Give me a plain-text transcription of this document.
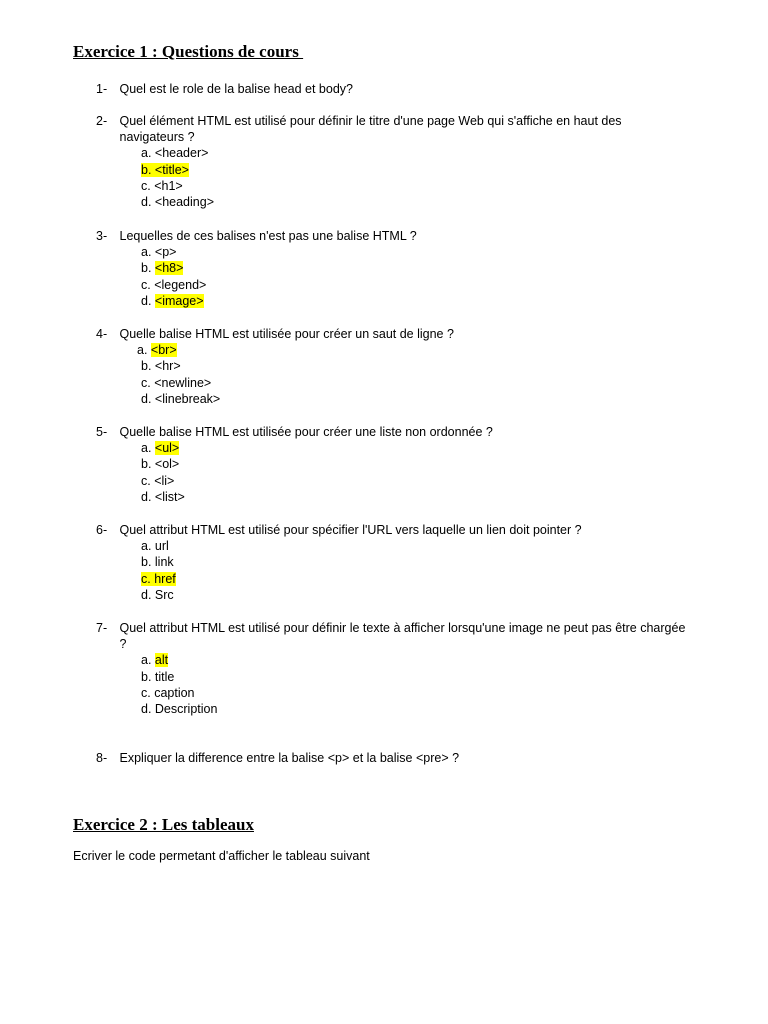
Exercice 1 : Questions de cours
1- Quel est le role de la balise head et body?
2- Quel élément HTML est utilisé pour définir le titre d'une page Web qui s'affiche en haut des navigateurs ?
a. <header>
b. <title>
c. <h1>
d. <heading>
3- Lequelles de ces balises n'est pas une balise HTML ?
a. <p>
b. <h8>
c. <legend>
d. <image>
4- Quelle balise HTML est utilisée pour créer un saut de ligne ?
a. <br>
b. <hr>
c. <newline>
d. <linebreak>
5- Quelle balise HTML est utilisée pour créer une liste non ordonnée ?
a. <ul>
b. <ol>
c. <li>
d. <list>
6- Quel attribut HTML est utilisé pour spécifier l'URL vers laquelle un lien doit pointer ?
a. url
b. link
c. href
d. Src
7- Quel attribut HTML est utilisé pour définir le texte à afficher lorsqu'une image ne peut pas être chargée ?
a. alt
b. title
c. caption
d. Description
8- Expliquer la difference entre la balise <p> et la balise <pre> ?
Exercice 2 : Les tableaux
Ecriver le code permetant d'afficher le tableau suivant
